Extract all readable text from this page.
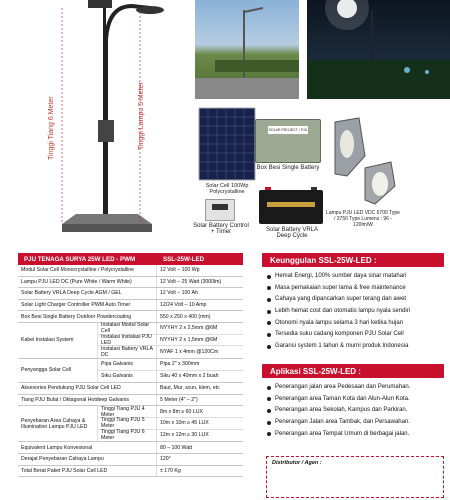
Tinggi Tiang 6 Meter	Tinggi Lampu 5 Meter
Solar Cell 100Wp Polycrystalline
SOLAR PROJECT / PJU
Box Besi Single Battery
Lampu PJU LED VDC 6700 Type / 3750 Type Lumens : 96 - 120lm/W
Solar Battery Control + Timer	Solar Battery VRLA Deep Cycle
PJU TENAGA SURYA 25W LED - PWM	SSL-25W-LED
Modul Solar Cell Monocrystalline / Polycrystalline	12 Volt – 100 Wp
Lampu PJU LED DC (Pure White / Warm White)	12 Volt – 25 Watt (3000lm)
Solar Battery VRLA Deep Cycle AGM / GEL	12 Volt – 100 Ah
Solar Light Charger Controller PWM Auto Timer	12/24 Volt – 10 Amp
Box Besi Single Battery Outdoor Powdercoating	550 x 250 x 400 (mm)
Kabel Instalasi System
Instalasi Modul Solar Cell	NYYHY 2 x 2,5mm @6M
Instalasi Instalasi PJU LED	NYYHY 2 x 1,5mm @6M
Instalasi Battery VRLA DC	NYAF 1 x 4mm @120Cm
Penyangga Solar Cell
Pipa Galvanis	Pipa 2" x 300mm
Siku Galvanis	Siku 40 x 40mm x 2 buah
Aksesories Pendukung PJU Solar Cell LED	Baut, Mur, scun, klem, etc
Tiang PJU Bulat / Oktagonal Hotdeep Galvanis	5 Meter (4" – 2")
Penyebaran Area Cahaya & Illumination Lampu PJU LED
Tinggi Tiang PJU 4 Meter	8m x 8m ≥ 60 LUX
Tinggi Tiang PJU 5 Meter	10m x 10m ≥ 45 LUX
Tinggi Tiang PJU 6 Meter	12m x 12m ≥ 30 LUX
Equivalent Lampu Konvesional	80 – 100 Watt
Derajat Penyebaran Cahaya Lampu	120°
Total Berat Paket PJU Solar Cell LED	± 170 Kg
Keunggulan SSL-25W-LED :
Hemat Energi, 100% sumber daya sinar matahari
Masa pemakaian super lama & free maintenance
Cahaya yang dipancarkan super terang dan awet
Lebih hemat cost dan otomatis lampu nyala sendiri
Otonomi nyala lampu selama 3 hari ketika hujan
Tersedia suku cadang komponen PJU Solar Cell
Garansi system 1 tahun & murni produk Indonesia
Aplikasi SSL-25W-LED :
Penerangan jalan area Pedesaan dan Perumahan.
Penerangan area Taman Kota dan Alun-Alun Kota.
Penerangan area Sekolah, Kampus dan Parkiran.
Penerangan Jalan area Tambak, dan Persawahan.
Penerangan area Tempat Umum di berbagai jalan.
Distributor / Agen :
